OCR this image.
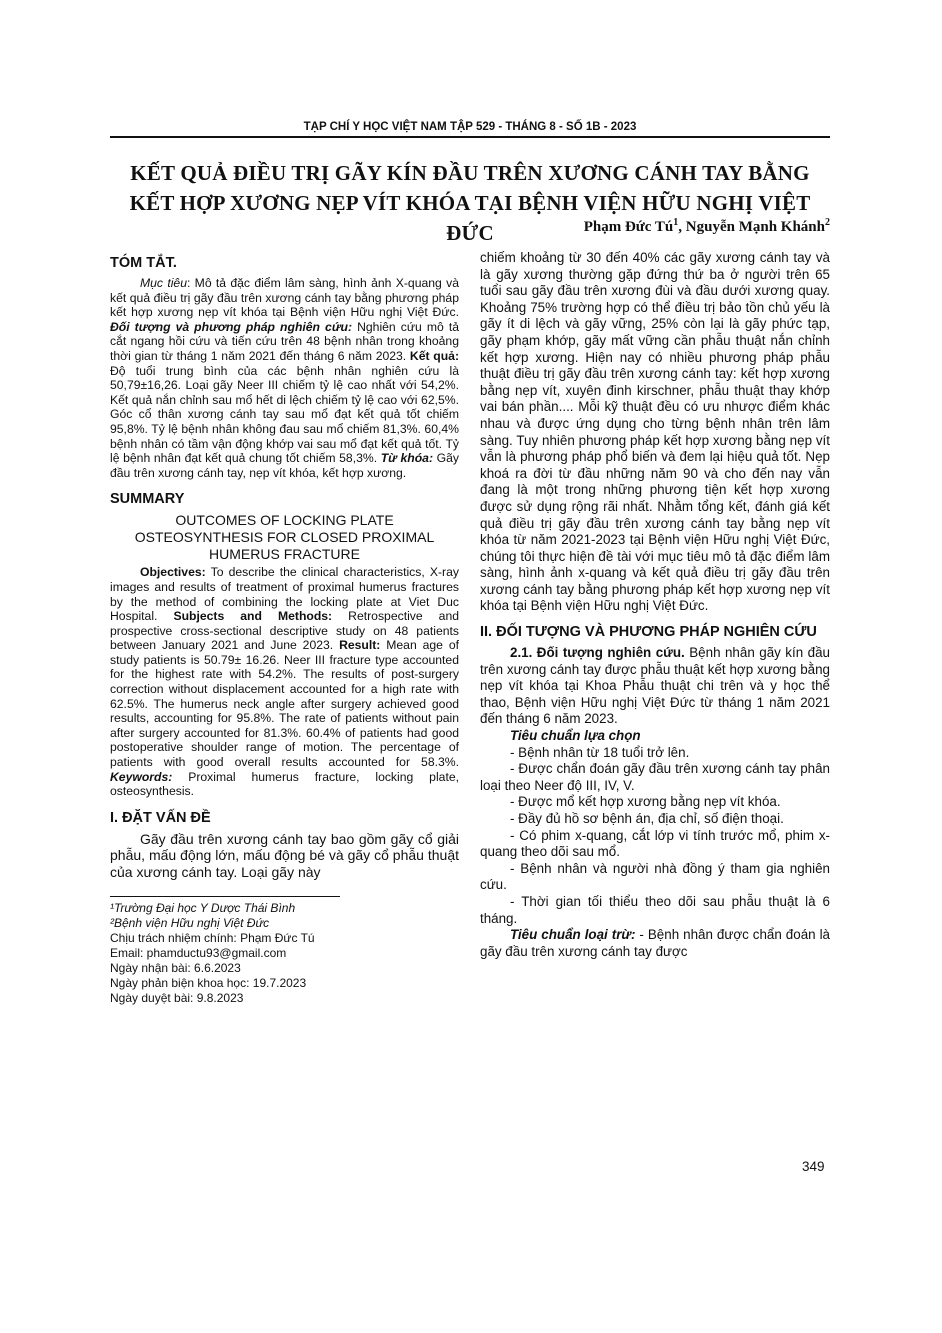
TẠP CHÍ Y HỌC VIỆT NAM TẬP 529 - THÁNG 8 - SỐ 1B - 2023
KẾT QUẢ ĐIỀU TRỊ GÃY KÍN ĐẦU TRÊN XƯƠNG CÁNH TAY BẰNG
KẾT HỢP XƯƠNG NẸP VÍT KHÓA TẠI BỆNH VIỆN HỮU NGHỊ VIỆT ĐỨC	Phạm Đức $Tú^1$, Nguyễn Mạnh Khánh$^2$
TÓM TẮT.

Mục tiêu: Mô tả đặc điểm lâm sàng, hình ảnh X-quang và kết quả điều trị gãy đầu trên xương cánh tay bằng phương pháp kết hợp xương nẹp vít khóa tại Bệnh viện Hữu nghị Việt Đức. Đối tượng và phương pháp nghiên cứu: Nghiên cứu mô tả cắt ngang hồi cứu và tiến cứu trên 48 bệnh nhân trong khoảng thời gian từ tháng 1 năm 2021 đến tháng 6 năm 2023. Kết quả: Độ tuổi trung bình của các bệnh nhân nghiên cứu là 50,79±16,26. Loại gãy Neer III chiếm tỷ lệ cao nhất với 54,2%. Kết quả nắn chỉnh sau mổ hết di lệch chiếm tỷ lệ cao với 62,5%. Góc cổ thân xương cánh tay sau mổ đạt kết quả tốt chiếm 95,8%. Tỷ lệ bệnh nhân không đau sau mổ chiếm 81,3%. 60,4% bệnh nhân có tầm vận động khớp vai sau mổ đạt kết quả tốt. Tỷ lệ bệnh nhân đạt kết quả chung tốt chiếm 58,3%. Từ khóa: Gãy đầu trên xương cánh tay, nẹp vít khóa, kết hợp xương.

SUMMARY
OUTCOMES OF LOCKING PLATE OSTEOSYNTHESIS FOR CLOSED PROXIMAL HUMERUS FRACTURE

Objectives: To describe the clinical characteristics, X-ray images and results of treatment of proximal humerus fractures by the method of combining the locking plate at Viet Duc Hospital. Subjects and Methods: Retrospective and prospective cross-sectional descriptive study on 48 patients between January 2021 and June 2023. Result: Mean age of study patients is 50.79± 16.26. Neer III fracture type accounted for the highest rate with 54.2%. The results of post-surgery correction without displacement accounted for a high rate with 62.5%. The humerus neck angle after surgery achieved good results, accounting for 95.8%. The rate of patients without pain after surgery accounted for 81.3%. 60.4% of patients had good postoperative shoulder range of motion. The percentage of patients with good overall results accounted for 58.3%. Keywords: Proximal humerus fracture, locking plate, osteosynthesis.

I. ĐẶT VẤN ĐỀ

Gãy đầu trên xương cánh tay bao gồm gãy cổ giải phẫu, mấu động lớn, mấu động bé và gãy cổ phẫu thuật của xương cánh tay. Loại gãy này

¹Trường Đại học Y Dược Thái Bình

²Bệnh viện Hữu nghị Việt Đức

Chịu trách nhiệm chính: Phạm Đức Tú

Email: phamductu93@gmail.com

Ngày nhận bài: 6.6.2023

Ngày phản biện khoa học: 19.7.2023

Ngày duyệt bài: 9.8.2023

chiếm khoảng từ 30 đến 40% các gãy xương cánh tay và là gãy xương thường gặp đứng thứ ba ở người trên 65 tuổi sau gãy đầu trên xương đùi và đầu dưới xương quay. Khoảng 75% trường hợp có thể điều trị bảo tồn chủ yếu là gãy ít di lệch và gãy vững, 25% còn lại là gãy phức tạp, gãy phạm khớp, gãy mất vững cần phẫu thuật nắn chỉnh kết hợp xương. Hiện nay có nhiều phương pháp phẫu thuật điều trị gãy đầu trên xương cánh tay: kết hợp xương bằng nẹp vít, xuyên đinh kirschner, phẫu thuật thay khớp vai bán phần.... Mỗi kỹ thuật đều có ưu nhược điểm khác nhau và được ứng dụng cho từng bệnh nhân trên lâm sàng. Tuy nhiên phương pháp kết hợp xương bằng nẹp vít vẫn là phương pháp phổ biến và đem lại hiệu quả tốt. Nẹp khoá ra đời từ đầu những năm 90 và cho đến nay vẫn đang là một trong những phương tiện kết hợp xương được sử dụng rộng rãi nhất. Nhằm tổng kết, đánh giá kết quả điều trị gãy đầu trên xương cánh tay bằng nẹp vít khóa từ năm 2021-2023 tại Bệnh viện Hữu nghị Việt Đức, chúng tôi thực hiện đề tài với mục tiêu mô tả đặc điểm lâm sàng, hình ảnh x-quang và kết quả điều trị gãy đầu trên xương cánh tay bằng phương pháp kết hợp xương nẹp vít khóa tại Bệnh viện Hữu nghị Việt Đức.

II. ĐỐI TƯỢNG VÀ PHƯƠNG PHÁP NGHIÊN CỨU

2.1. Đối tượng nghiên cứu. Bệnh nhân gãy kín đầu trên xương cánh tay được phẫu thuật kết hợp xương bằng nẹp vít khóa tại Khoa Phẫu thuật chi trên và y học thể thao, Bệnh viện Hữu nghị Việt Đức từ tháng 1 năm 2021 đến tháng 6 năm 2023.

Tiêu chuẩn lựa chọn

- Bệnh nhân từ 18 tuổi trở lên.

- Được chẩn đoán gãy đầu trên xương cánh tay phân loại theo Neer độ III, IV, V.

- Được mổ kết hợp xương bằng nẹp vít khóa.

- Đầy đủ hồ sơ bệnh án, địa chỉ, số điện thoại.

- Có phim x-quang, cắt lớp vi tính trước mổ, phim x-quang theo dõi sau mổ.

- Bệnh nhân và người nhà đồng ý tham gia nghiên cứu.

- Thời gian tối thiểu theo dõi sau phẫu thuật là 6 tháng.

Tiêu chuẩn loại trừ: - Bệnh nhân được chẩn đoán là gãy đầu trên xương cánh tay được

349
